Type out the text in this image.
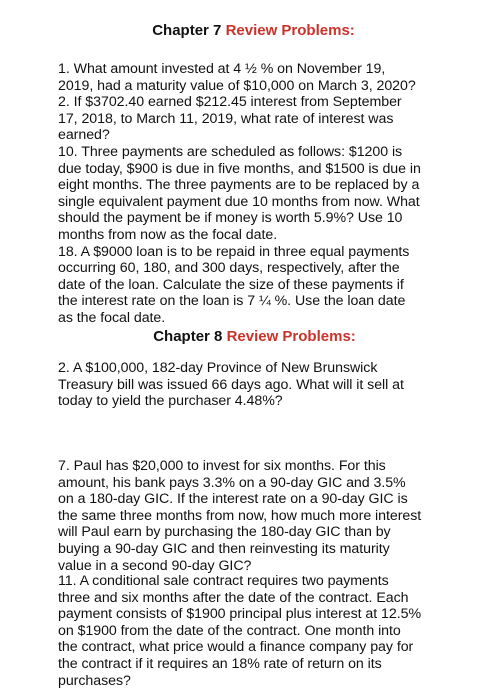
Chapter 7 Review Problems:

1. What amount invested at 4 ½ % on November 19,

2019, had a maturity value of $10,000 on March 3, 2020?

2. If $3702.40 earned $212.45 interest from September

17, 2018, to March 11, 2019, what rate of interest was

earned?

10. Three payments are scheduled as follows: $1200 is

due today, $900 is due in five months, and $1500 is due in

eight months. The three payments are to be replaced by a

single equivalent payment due 10 months from now. What

should the payment be if money is worth 5.9%? Use 10

months from now as the focal date.

18. A $9000 loan is to be repaid in three equal payments

occurring 60, 180, and 300 days, respectively, after the

date of the loan. Calculate the size of these payments if

the interest rate on the loan is 7 ¼ %. Use the loan date

as the focal date.

Chapter 8 Review Problems:

2. A $100,000, 182-day Province of New Brunswick

Treasury bill was issued 66 days ago. What will it sell at

today to yield the purchaser 4.48%?

7. Paul has $20,000 to invest for six months. For this

amount, his bank pays 3.3% on a 90-day GIC and 3.5%

on a 180-day GIC. If the interest rate on a 90-day GIC is

the same three months from now, how much more interest

will Paul earn by purchasing the 180-day GIC than by

buying a 90-day GIC and then reinvesting its maturity

value in a second 90-day GIC?

11. A conditional sale contract requires two payments

three and six months after the date of the contract. Each

payment consists of $1900 principal plus interest at 12.5%

on $1900 from the date of the contract. One month into

the contract, what price would a finance company pay for

the contract if it requires an 18% rate of return on its

purchases?
